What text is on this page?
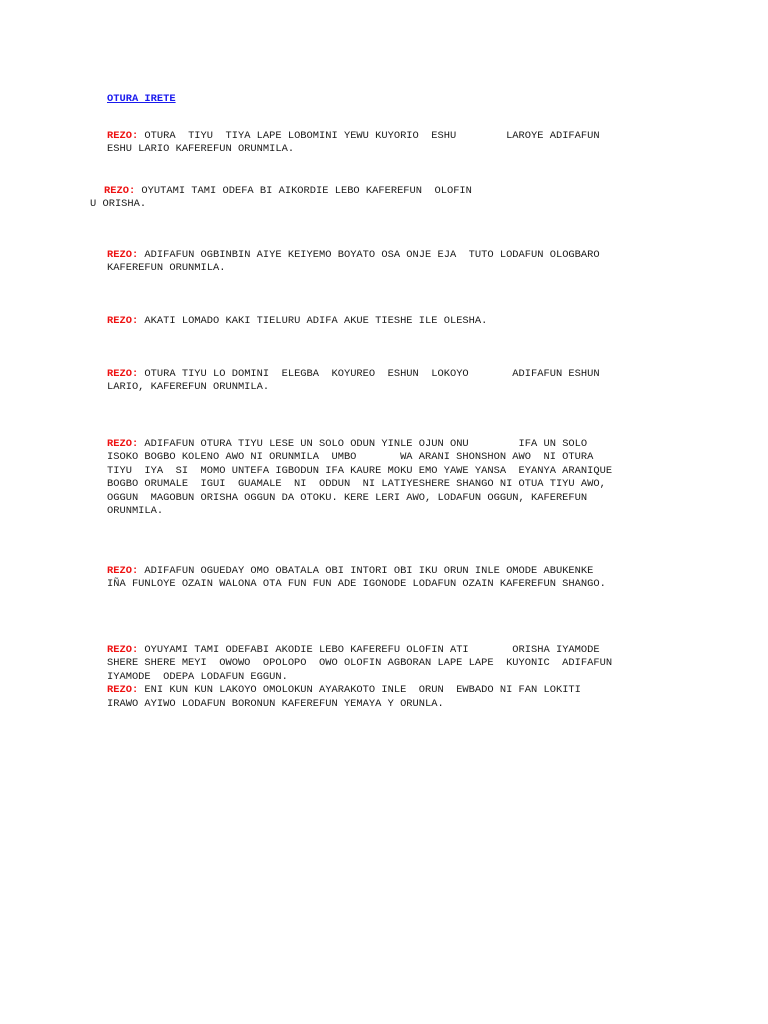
OTURA IRETE
REZO: OTURA  TIYU  TIYA LAPE LOBOMINI YEWU KUYORIO  ESHU        LAROYE ADIFAFUN
ESHU LARIO KAFEREFUN ORUNMILA.
REZO: OYUTAMI TAMI ODEFA BI AIKORDIE LEBO KAFEREFUN  OLOFIN
U ORISHA.
REZO: ADIFAFUN OGBINBIN AIYE KEIYEMO BOYATO OSA ONJE EJA  TUTO LODAFUN OLOGBARO
KAFEREFUN ORUNMILA.
REZO: AKATI LOMADO KAKI TIELURU ADIFA AKUE TIESHE ILE OLESHA.
REZO: OTURA TIYU LO DOMINI  ELEGBA  KOYUREO  ESHUN  LOKOYO       ADIFAFUN ESHUN
LARIO, KAFEREFUN ORUNMILA.
REZO: ADIFAFUN OTURA TIYU LESE UN SOLO ODUN YINLE OJUN ONU        IFA UN SOLO
ISOKO BOGBO KOLENO AWO NI ORUNMILA  UMBO       WA ARANI SHONSHON AWO  NI OTURA
TIYU  IYA  SI  MOMO UNTEFA IGBODUN IFA KAURE MOKU EMO YAWE YANSA  EYANYA ARANIQUE
BOGBO ORUMALE  IGUI  GUAMALE  NI  ODDUN  NI LATIYESHERE SHANGO NI OTUA TIYU AWO,
OGGUN  MAGOBUN ORISHA OGGUN DA OTOKU. KERE LERI AWO, LODAFUN OGGUN, KAFEREFUN
ORUNMILA.
REZO: ADIFAFUN OGUEDAY OMO OBATALA OBI INTORI OBI IKU ORUN INLE OMODE ABUKENKE
IÑA FUNLOYE OZAIN WALONA OTA FUN FUN ADE IGONODE LODAFUN OZAIN KAFEREFUN SHANGO.
REZO: OYUYAMI TAMI ODEFABI AKODIE LEBO KAFEREFU OLOFIN ATI       ORISHA IYAMODE
SHERE SHERE MEYI  OWOWO  OPOLOPO  OWO OLOFIN AGBORAN LAPE LAPE  KUYONIC  ADIFAFUN
IYAMODE  ODEPA LODAFUN EGGUN.
REZO: ENI KUN KUN LAKOYO OMOLOKUN AYARAKOTO INLE  ORUN  EWBADO NI FAN LOKITI
IRAWO AYIWO LODAFUN BORONUN KAFEREFUN YEMAYA Y ORUNLA.
